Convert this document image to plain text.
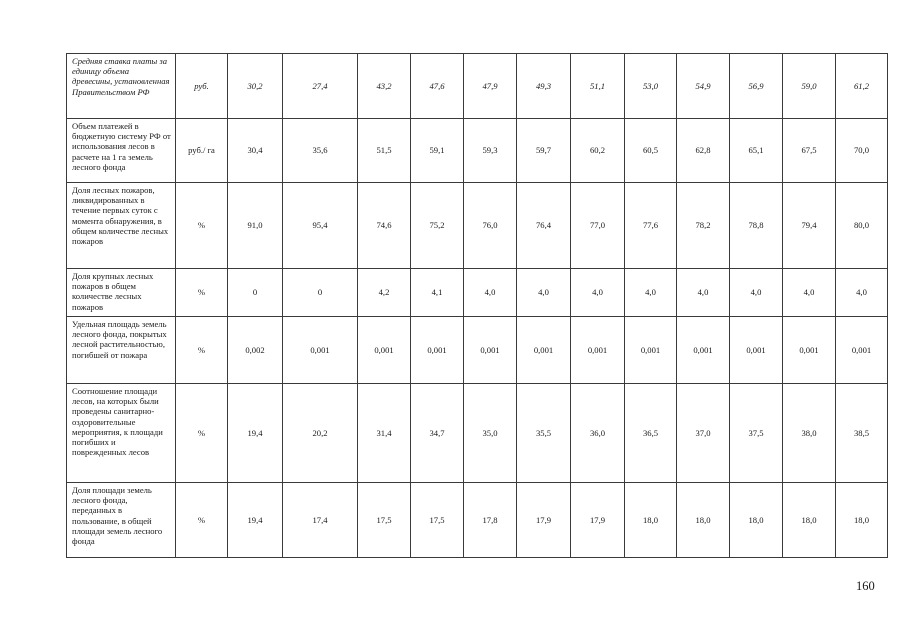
Средняя ставка платы за единицу объема древесины, установленная Правительством РФ	руб.	30,2	27,4	43,2	47,6	47,9	49,3	51,1	53,0	54,9	56,9	59,0	61,2
Объем платежей в бюджетную систему РФ от использования лесов в расчете на 1 га земель лесного фонда	руб./ га	30,4	35,6	51,5	59,1	59,3	59,7	60,2	60,5	62,8	65,1	67,5	70,0
Доля лесных пожаров, ликвидированных в течение первых суток с момента обнаружения, в общем количестве лесных пожаров	%	91,0	95,4	74,6	75,2	76,0	76,4	77,0	77,6	78,2	78,8	79,4	80,0
Доля крупных лесных пожаров в общем количестве лесных пожаров	%	0	0	4,2	4,1	4,0	4,0	4,0	4,0	4,0	4,0	4,0	4,0
Удельная площадь земель лесного фонда, покрытых лесной растительностью, погибшей от пожара	%	0,002	0,001	0,001	0,001	0,001	0,001	0,001	0,001	0,001	0,001	0,001	0,001
Соотношение площади лесов, на которых были проведены санитарно-оздоровительные мероприятия, к площади погибших и поврежденных лесов	%	19,4	20,2	31,4	34,7	35,0	35,5	36,0	36,5	37,0	37,5	38,0	38,5
Доля площади земель лесного фонда, переданных в пользование, в общей площади земель лесного фонда	%	19,4	17,4	17,5	17,5	17,8	17,9	17,9	18,0	18,0	18,0	18,0	18,0
160
